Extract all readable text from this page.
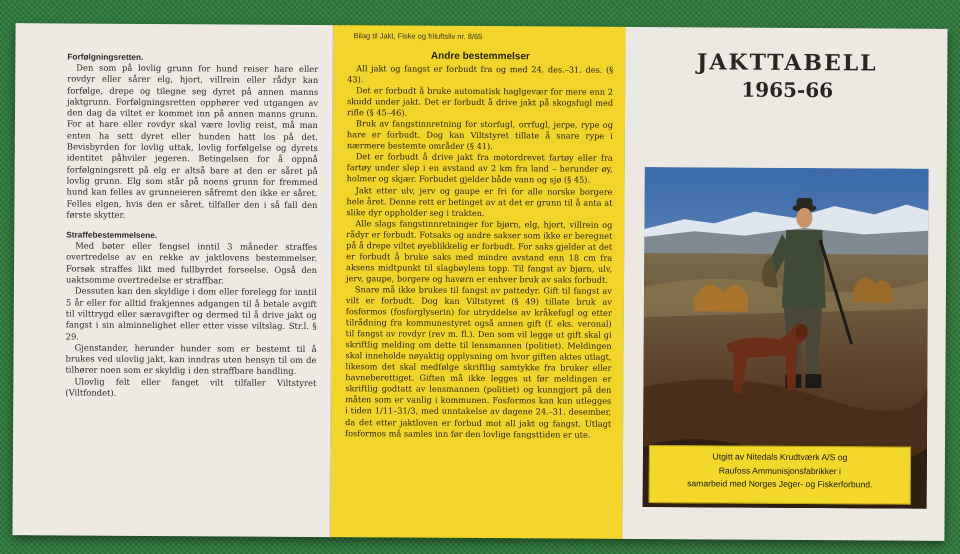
Forfølgningsretten.

Den som på lovlig grunn for hund reiser hare eller rovdyr eller sårer elg, hjort, villrein eller rådyr kan forfølge, drepe og tilegne seg dyret på annen manns jaktgrunn. Forfølgningsretten opphører ved utgangen av den dag da viltet er kommet inn på annen manns grunn. For at hare eller rovdyr skal være lovlig reist, må man enten ha sett dyret eller hunden hatt los på det. Bevisbyrden for lovlig uttak, lovlig forfølgelse og dyrets identitet påhviler jegeren. Betingelsen for å oppnå forfølgningsrett på elg er altså bare at den er såret på lovlig grunn. Elg som står på noens grunn for fremmed hund kan felles av grunneieren såfremt den ikke er såret. Felles elgen, hvis den er såret, tilfaller den i så fall den første skytter.

Straffebestemmelsene.

Med bøter eller fengsel inntil 3 måneder straffes overtredelse av en rekke av jaktlovens bestemmelser. Forsøk straffes likt med fullbyrdet forseelse. Også den uaktsomme overtredelse er straffbar.

Dessuten kan den skyldige i dom eller forelegg for inntil 5 år eller for alltid frakjennes adgangen til å betale avgift til vilttrygd eller særavgifter og dermed til å drive jakt og fangst i sin alminnelighet eller etter visse viltslag. Str.l. § 29.

Gjenstander, herunder hunder som er bestemt til å brukes ved ulovlig jakt, kan inndras uten hensyn til om de tilhører noen som er skyldig i den straffbare handling.

Ulovlig felt eller fanget vilt tilfaller Viltstyret (Viltfondet).

Bilag til Jakt, Fiske og friluftsliv nr. 8/65

Andre bestemmelser

All jakt og fangst er forbudt fra og med 24. des.–31. des. (§ 43).

Det er forbudt å bruke automatisk haglgevær for mere enn 2 skudd under jakt. Det er forbudt å drive jakt på skogsfugl med rifle (§ 45–46).

Bruk av fangstinnretning for storfugl, orrfugl, jerpe, rype og hare er forbudt. Dog kan Viltstyret tillate å snare rype i nærmere bestemte områder (§ 41).

Det er forbudt å drive jakt fra motordrevet fartøy eller fra fartøy under slep i en avstand av 2 km fra land – herunder øy, holmer og skjær. Forbudet gjelder både vann og sjø (§ 45).

Jakt etter ulv, jerv og gaupe er fri for alle norske borgere hele året. Denne rett er betinget av at det er grunn til å anta at slike dyr oppholder seg i trakten.

Alle slags fangstinnretninger for bjørn, elg, hjort, villrein og rådyr er forbudt. Fotsaks og andre sakser som ikke er beregnet på å drepe viltet øyeblikkelig er forbudt. For saks gjelder at det er forbudt å bruke saks med mindre avstand enn 18 cm fra aksens midtpunkt til slagbøylens topp. Til fangst av bjørn, ulv, jerv, gaupe, borgere og havørn er enhver bruk av saks forbudt.

Snare må ikke brukes til fangst av pattedyr. Gift til fangst av vilt er forbudt. Dog kan Viltstyret (§ 49) tillate bruk av fosformos (fosforglyserin) for utryddelse av kråkefugl og etter tilrådning fra kommunestyret også annen gift (f. eks. veronal) til fangst av rovdyr (rev m. fl.). Den som vil legge ut gift skal gi skriftlig melding om dette til lensmannen (politiet). Meldingen skal inneholde nøyaktig opplysning om hvor giften aktes utlagt, likesom det skal medfølge skriftlig samtykke fra bruker eller havneberettiget. Giften må ikke legges ut før meldingen er skriftlig godtatt av lensmannen (politiet) og kunngjort på den måten som er vanlig i kommunen. Fosformos kan kun utlegges i tiden 1/11–31/3, med unntakelse av dagene 24.–31. desember, da det etter jaktloven er forbud mot all jakt og fangst. Utlagt fosformos må samles inn før den lovlige fangsttiden er ute.

JAKTTABELL
1965-66
Utgitt av Nitedals Krudtværk A/S og
Raufoss Ammunisjonsfabrikker i
samarbeid med Norges Jeger- og Fiskerforbund.
